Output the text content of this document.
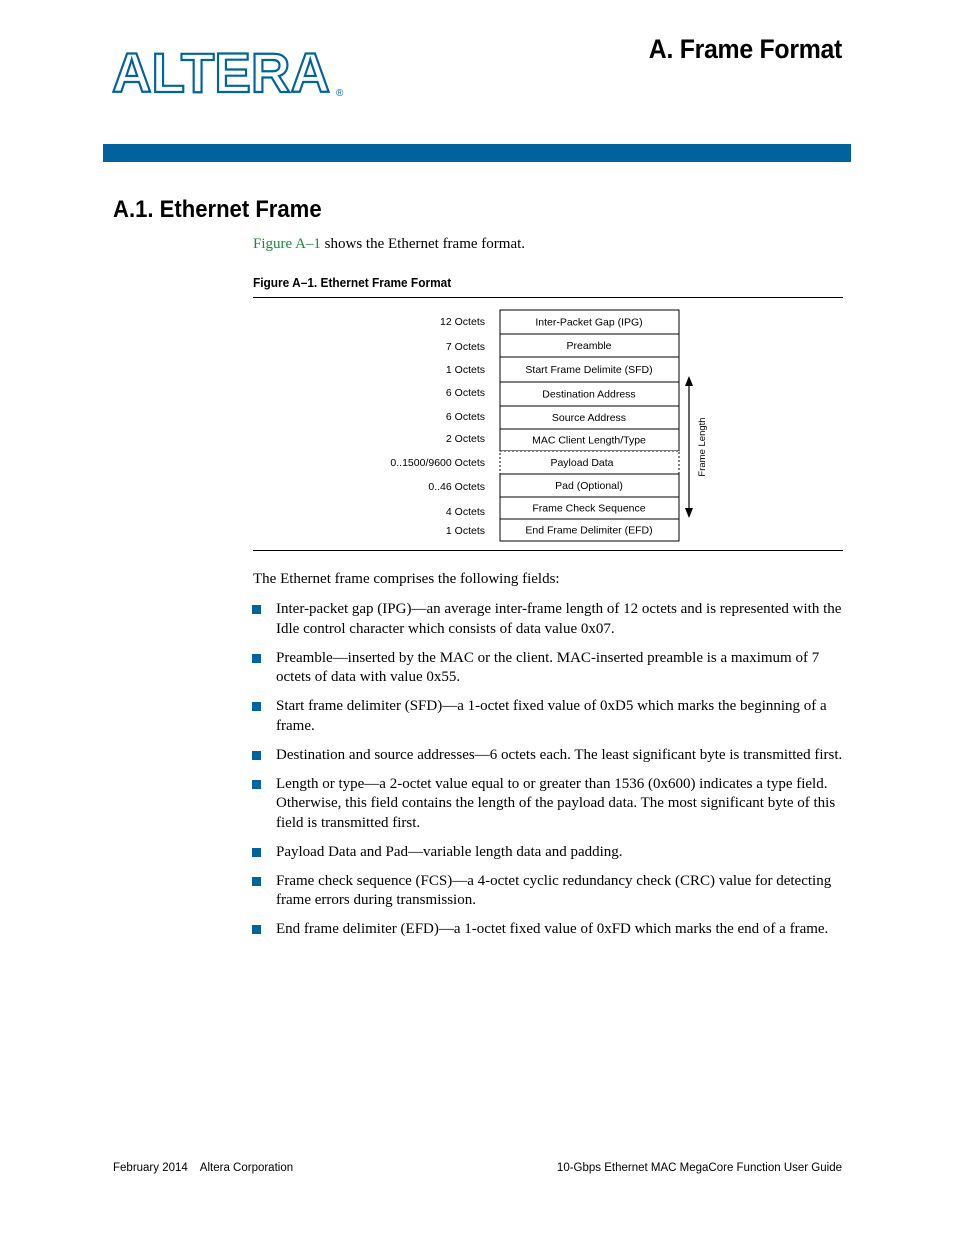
ALTERA ®
A. Frame Format
A.1. Ethernet Frame
Figure A–1 shows the Ethernet frame format.
Figure A–1. Ethernet Frame Format
Inter-Packet Gap (IPG)
12 Octets
Preamble
7 Octets
Start Frame Delimite (SFD)
1 Octets
Destination Address
6 Octets
Source Address
6 Octets
MAC Client Length/Type
2 Octets
Payload Data
0..1500/9600 Octets
Pad (Optional)
0..46 Octets
Frame Check Sequence
4 Octets
End Frame Delimiter (EFD)
1 Octets
Frame Length
The Ethernet frame comprises the following fields:
Inter-packet gap (IPG)—an average inter-frame length of 12 octets and is represented with the Idle control character which consists of data value 0x07.
Preamble—inserted by the MAC or the client. MAC-inserted preamble is a maximum of 7 octets of data with value 0x55.
Start frame delimiter (SFD)—a 1-octet fixed value of 0xD5 which marks the beginning of a frame.
Destination and source addresses—6 octets each. The least significant byte is transmitted first.
Length or type—a 2-octet value equal to or greater than 1536 (0x600) indicates a type field. Otherwise, this field contains the length of the payload data. The most significant byte of this field is transmitted first.
Payload Data and Pad—variable length data and padding.
Frame check sequence (FCS)—a 4-octet cyclic redundancy check (CRC) value for detecting frame errors during transmission.
End frame delimiter (EFD)—a 1-octet fixed value of 0xFD which marks the end of a frame.
February 2014 Altera Corporation	10-Gbps Ethernet MAC MegaCore Function User Guide
